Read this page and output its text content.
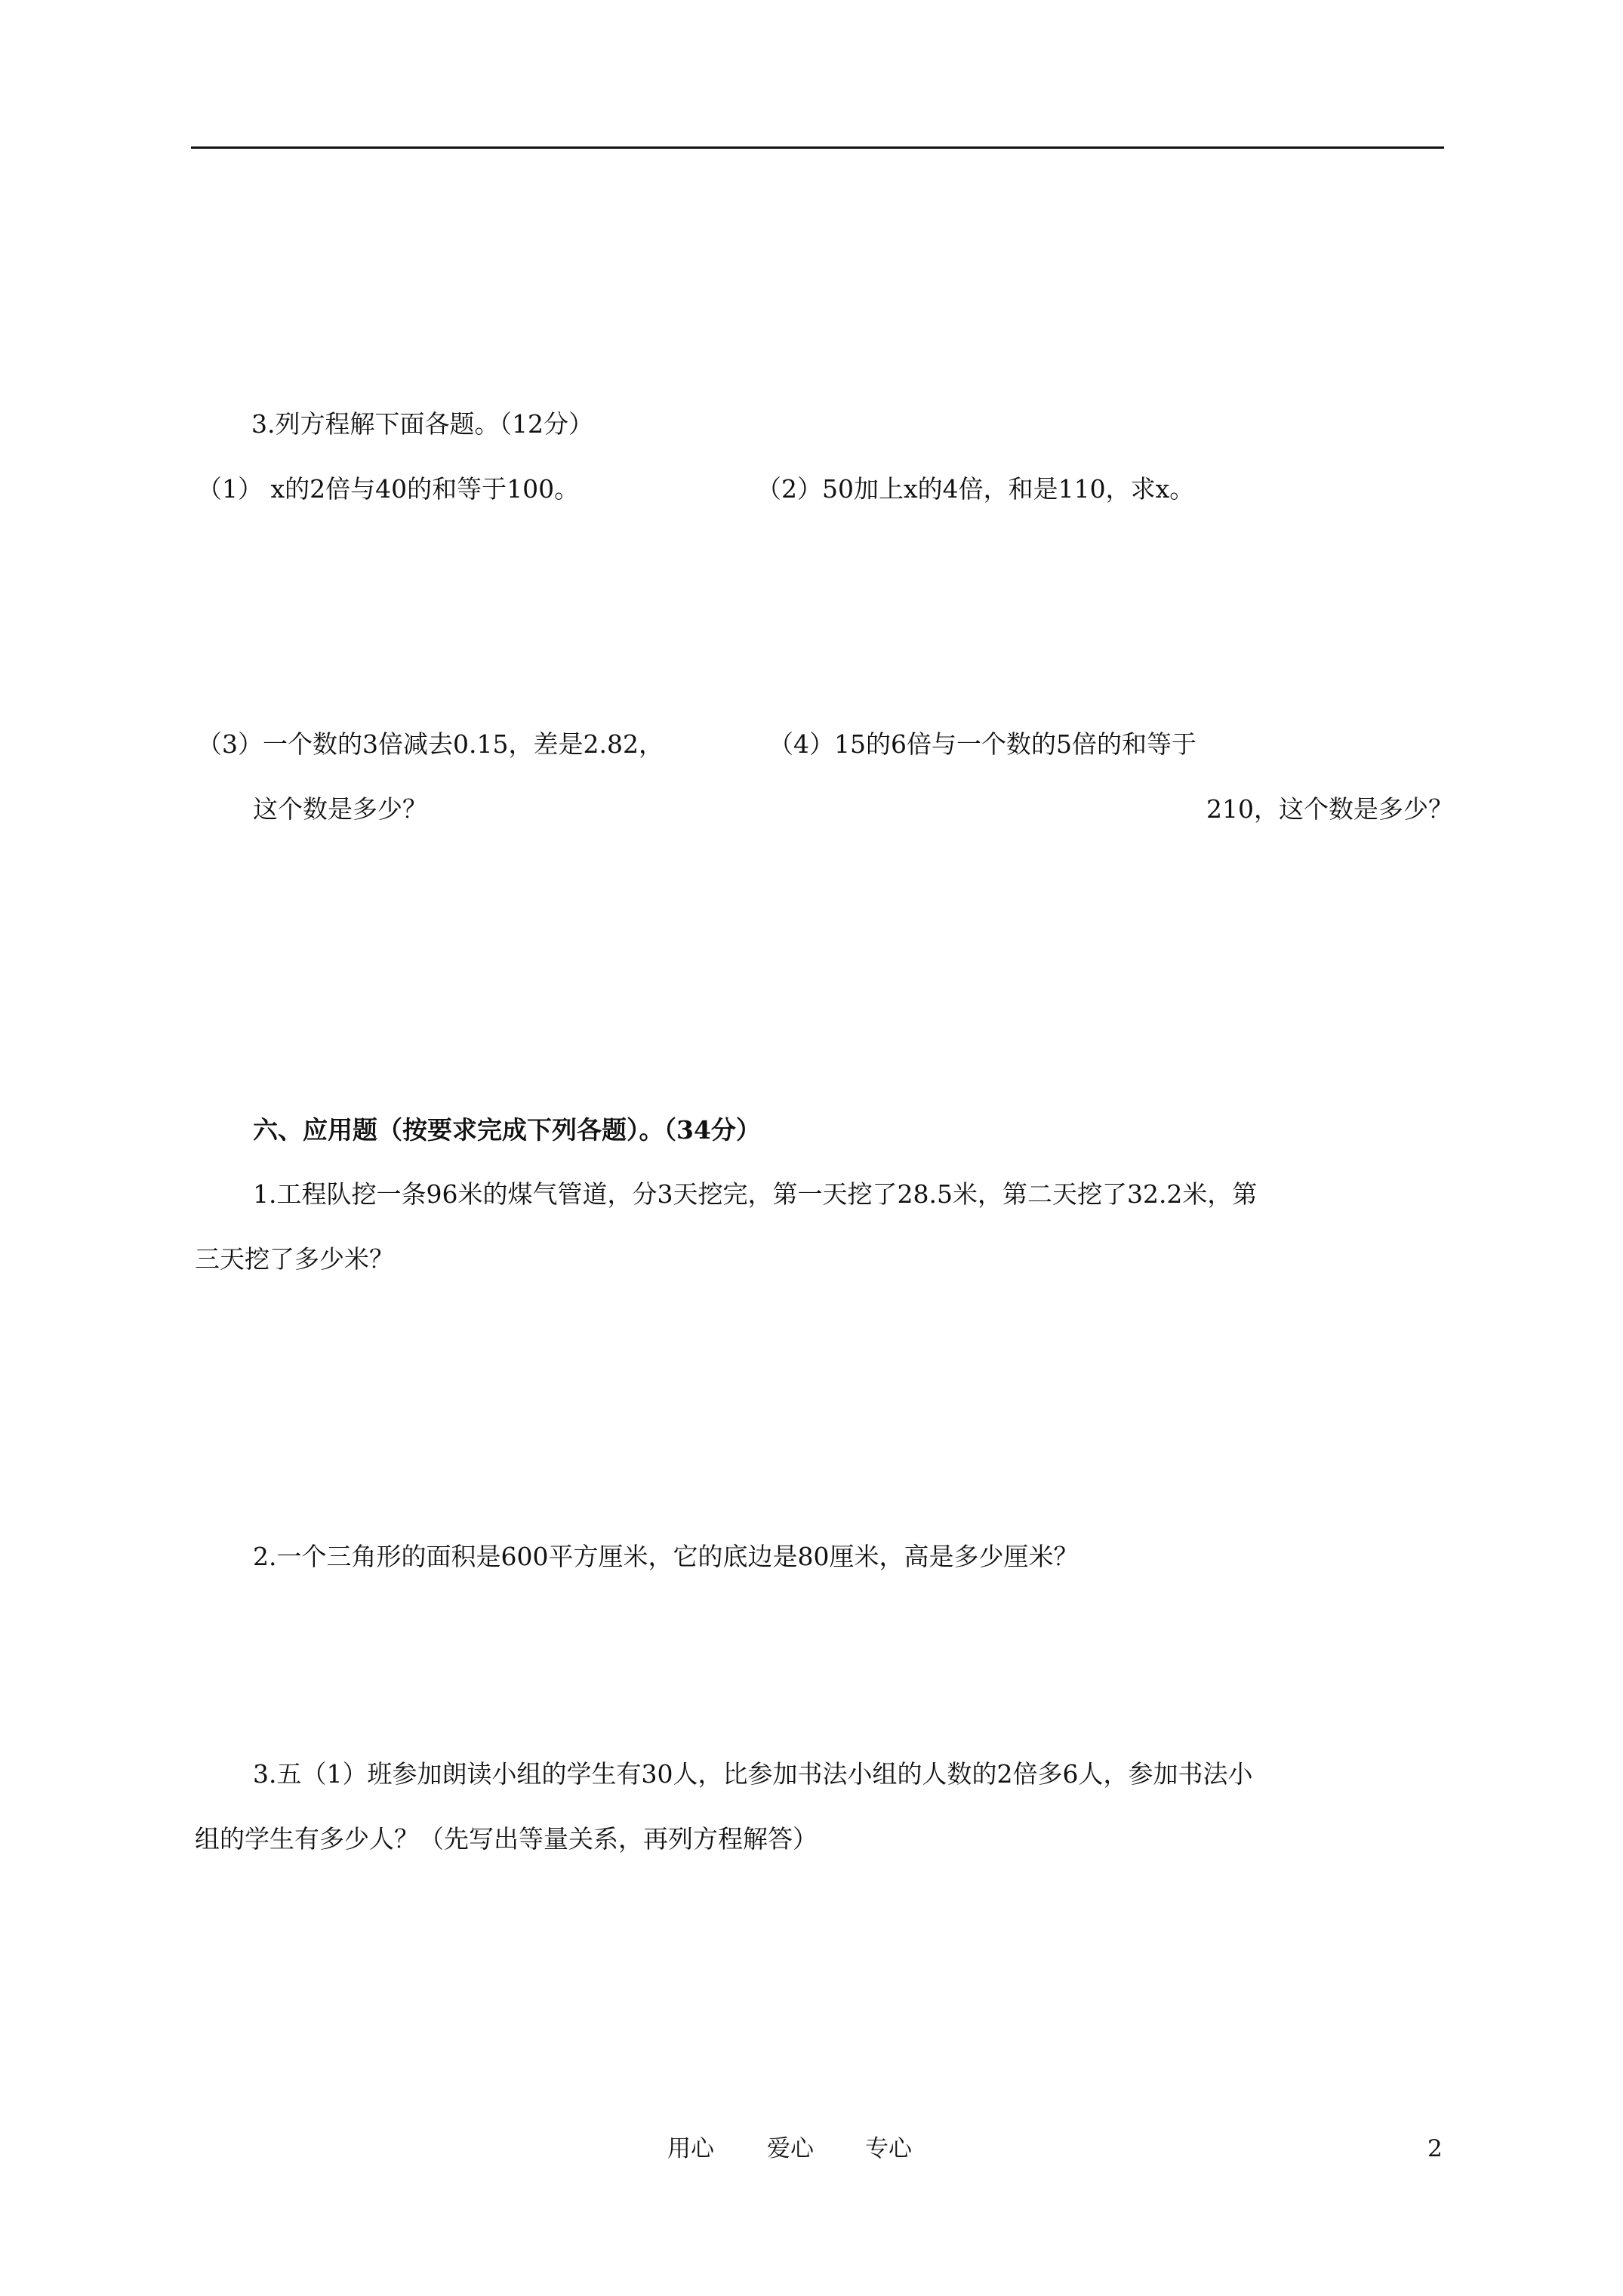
3.列方程解下面各题。（12分）
（1） x的2倍与40的和等于100。	（2）50加上x的4倍，和是110，求x。
（3）一个数的3倍减去0.15，差是2.82，	（4）15的6倍与一个数的5倍的和等于
这个数是多少？	210，这个数是多少？
六、应用题（按要求完成下列各题）。（34分）
1.工程队挖一条96米的煤气管道，分3天挖完，第一天挖了28.5米，第二天挖了32.2米，第
三天挖了多少米？
2.一个三角形的面积是600平方厘米，它的底边是80厘米，高是多少厘米？
3.五（1）班参加朗读小组的学生有30人，比参加书法小组的人数的2倍多6人，参加书法小
组的学生有多少人？（先写出等量关系，再列方程解答）
用心 爱心 专心	2
